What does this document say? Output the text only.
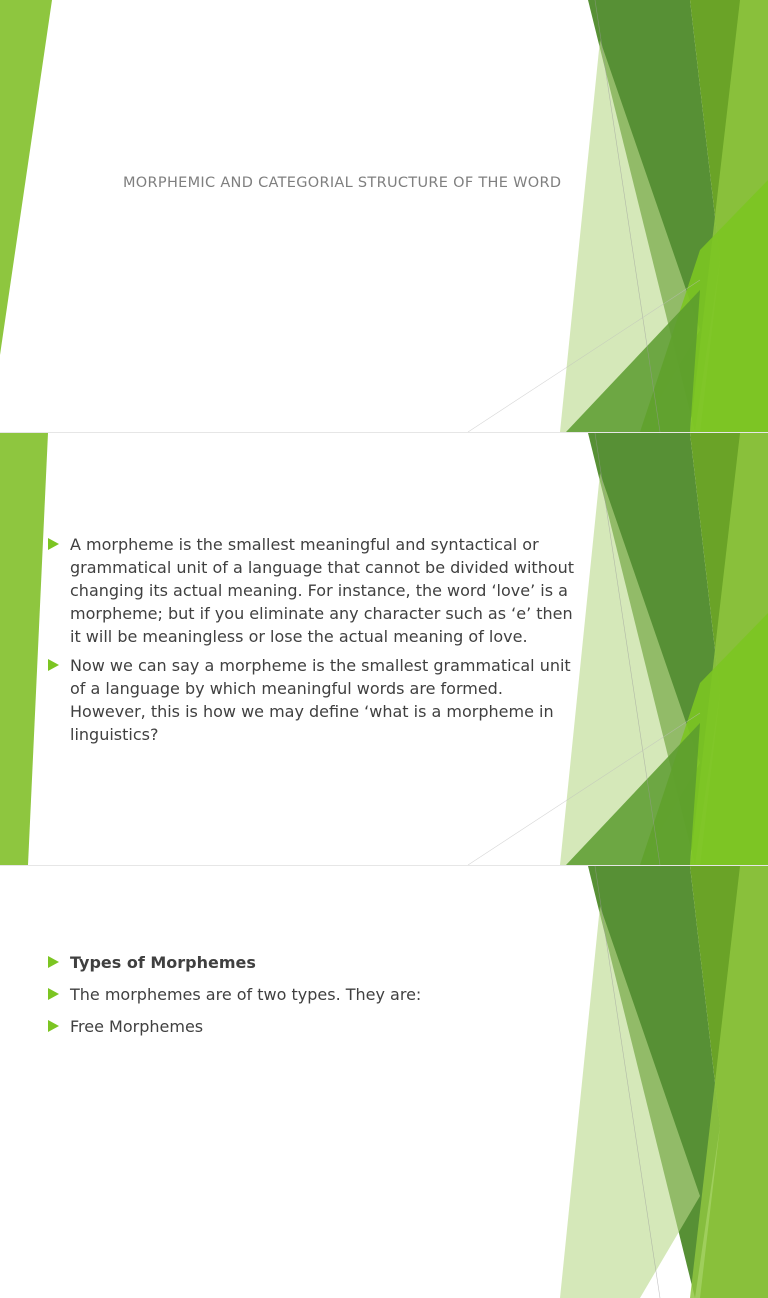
MORPHEMIC AND CATEGORIAL STRUCTURE OF THE WORD
A morpheme is the smallest meaningful and syntactical or grammatical unit of a language that cannot be divided without changing its actual meaning. For instance, the word ‘love’ is a morpheme; but if you eliminate any character such as ‘e’ then it will be meaningless or lose the actual meaning of love.
Now we can say a morpheme is the smallest grammatical unit of a language by which meaningful words are formed. However, this is how we may define ‘what is a morpheme in linguistics?
Types of Morphemes
The morphemes are of two types. They are:
Free Morphemes
